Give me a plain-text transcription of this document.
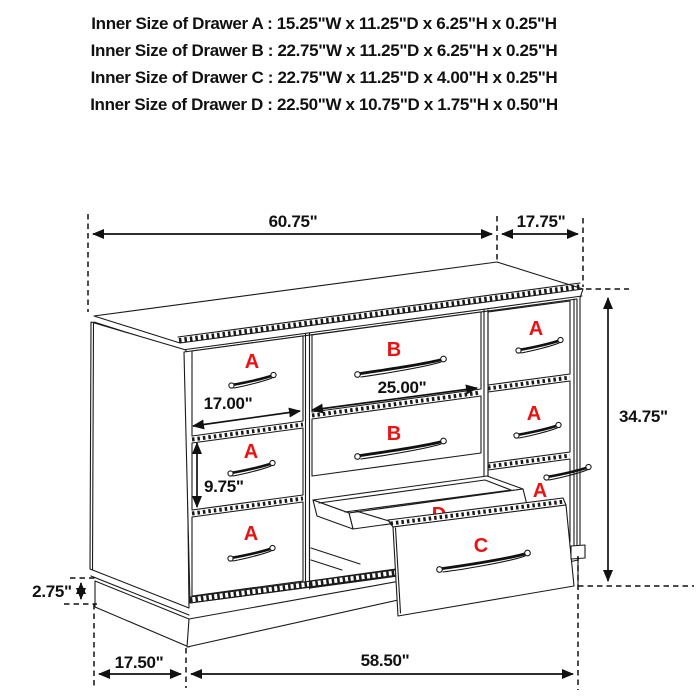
Inner Size of Drawer A : 15.25"W x 11.25"D x 6.25"H x 0.25"H
Inner Size of Drawer B : 22.75"W x 11.25"D x 6.25"H x 0.25"H
Inner Size of Drawer C : 22.75"W x 11.25"D x 4.00"H x 0.25"H
Inner Size of Drawer D : 22.50"W x 10.75"D x 1.75"H x 0.50"H
A
A
A
B
B
A
A
A
C
60.75"	17.75"
34.75"
17.00"
25.00"
9.75"
2.75"
17.50"	58.50"
